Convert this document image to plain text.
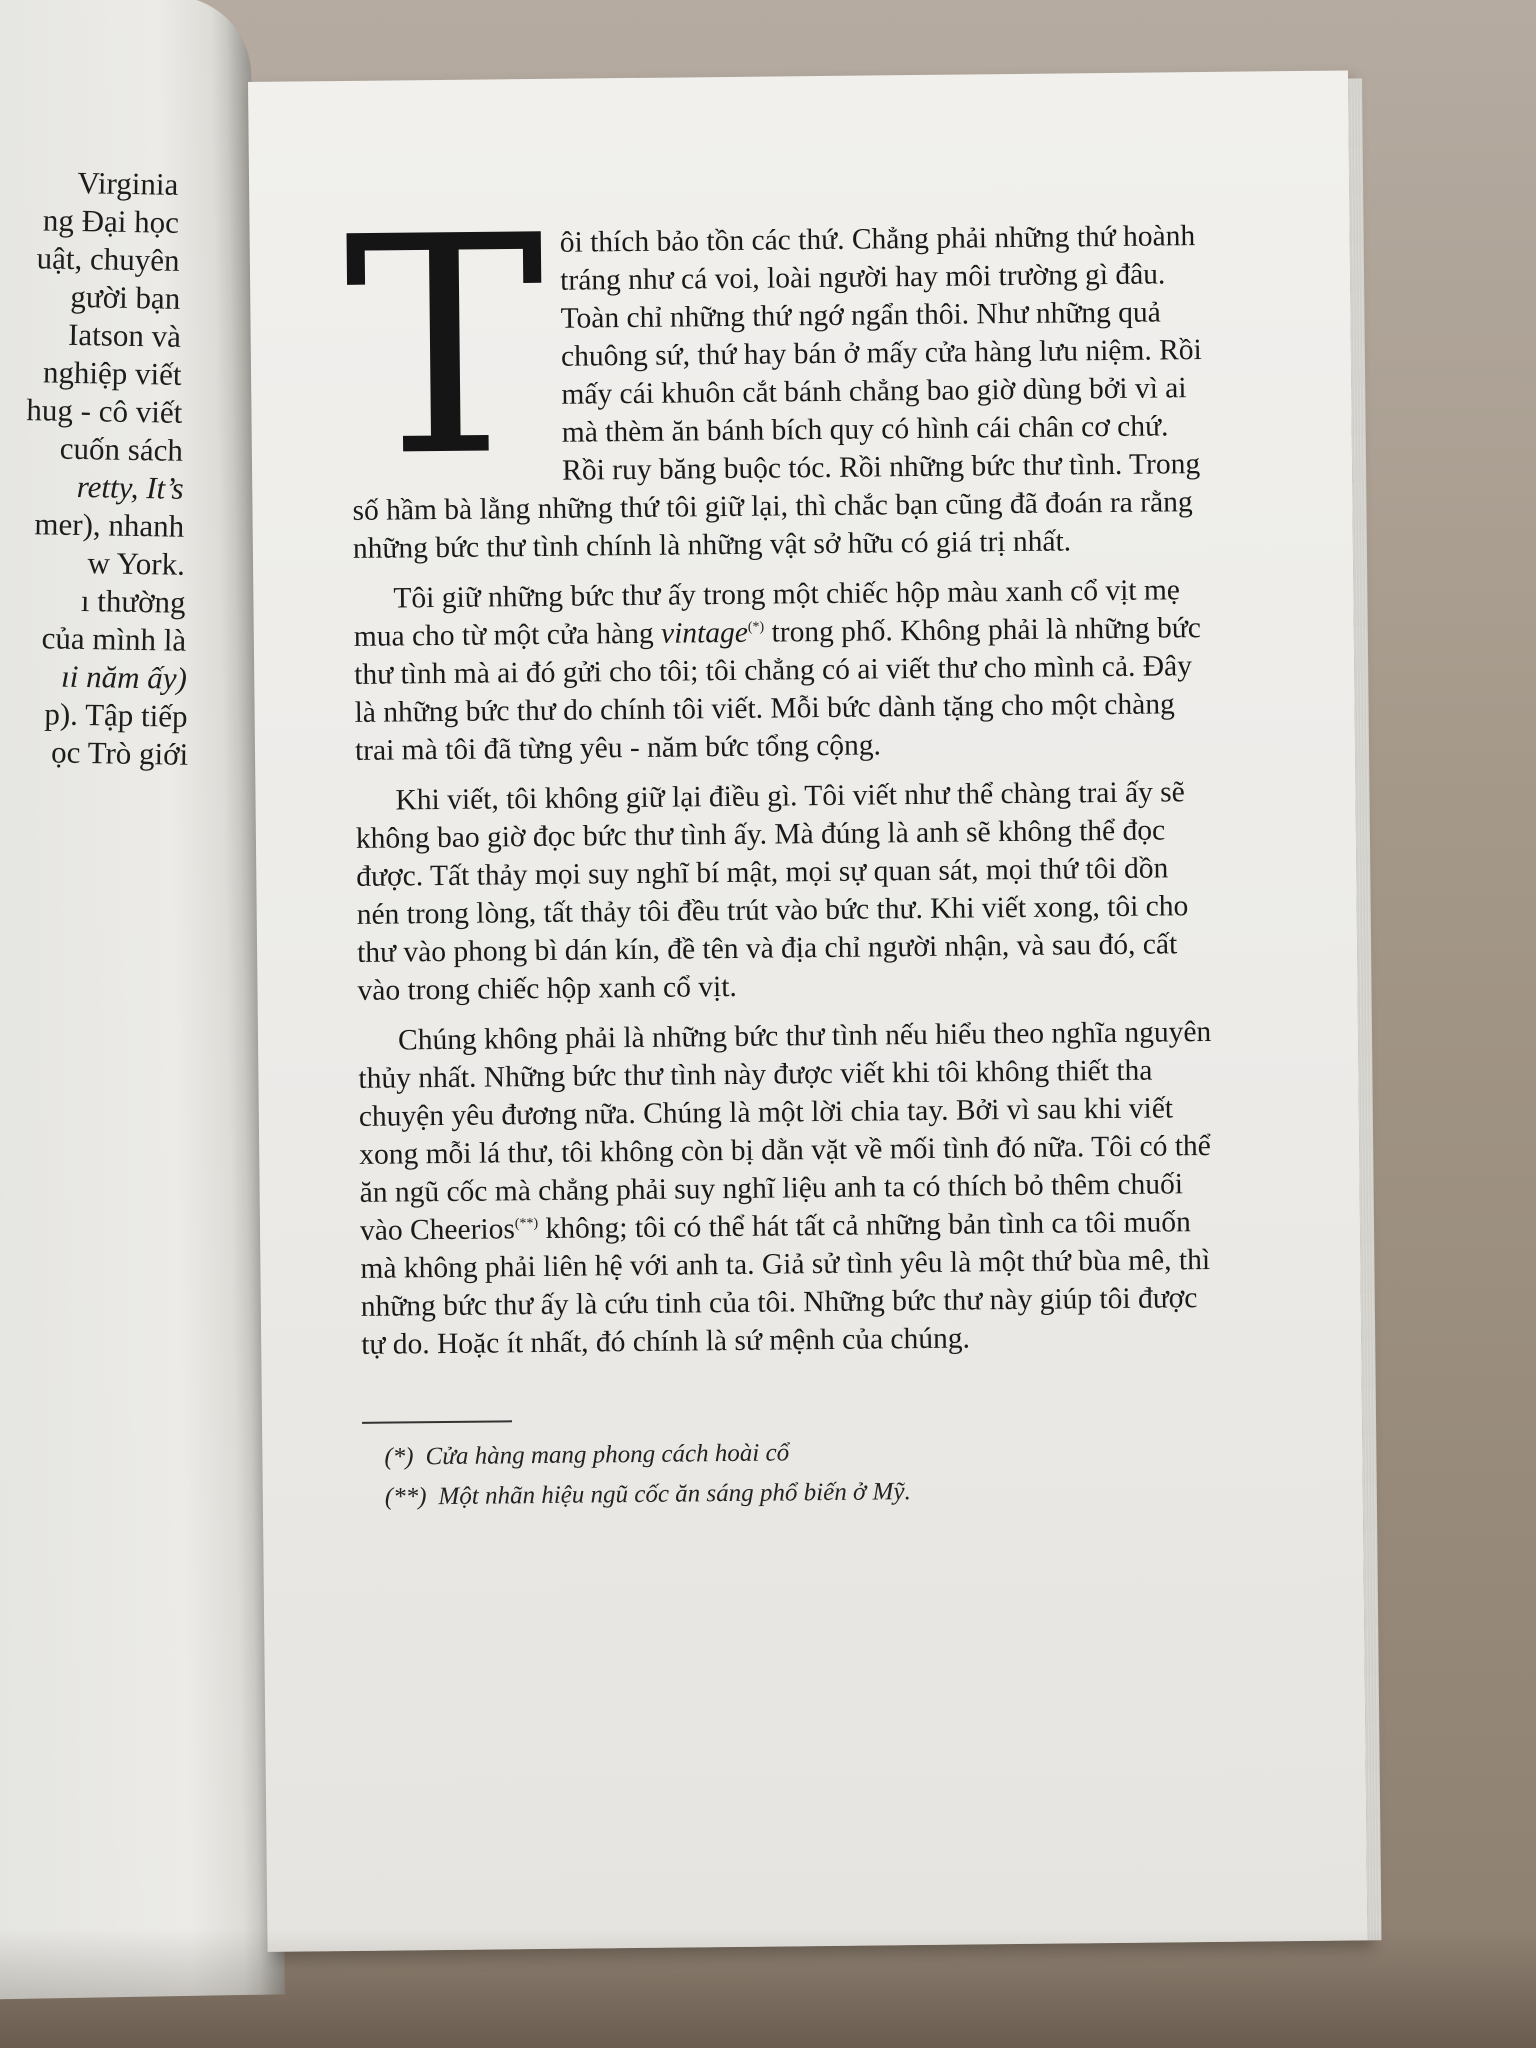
Virginia
ng Đại học
uật, chuyên
gười bạn
Iatson và
nghiệp viết
hug - cô viết
cuốn sách
retty, It’s
mer), nhanh
w York.
ı thường
của mình là
ıi năm ấy)
p). Tập tiếp
ọc Trò giới

Tôi thích bảo tồn các thứ. Chẳng phải những thứ hoành tráng như cá voi, loài người hay môi trường gì đâu. Toàn chỉ những thứ ngớ ngẩn thôi. Như những quả chuông sứ, thứ hay bán ở mấy cửa hàng lưu niệm. Rồi mấy cái khuôn cắt bánh chẳng bao giờ dùng bởi vì ai mà thèm ăn bánh bích quy có hình cái chân cơ chứ. Rồi ruy băng buộc tóc. Rồi những bức thư tình. Trong số hầm bà lằng những thứ tôi giữ lại, thì chắc bạn cũng đã đoán ra rằng những bức thư tình chính là những vật sở hữu có giá trị nhất.

Tôi giữ những bức thư ấy trong một chiếc hộp màu xanh cổ vịt mẹ mua cho từ một cửa hàng vintage(*) trong phố. Không phải là những bức thư tình mà ai đó gửi cho tôi; tôi chẳng có ai viết thư cho mình cả. Đây là những bức thư do chính tôi viết. Mỗi bức dành tặng cho một chàng trai mà tôi đã từng yêu - năm bức tổng cộng.

Khi viết, tôi không giữ lại điều gì. Tôi viết như thể chàng trai ấy sẽ không bao giờ đọc bức thư tình ấy. Mà đúng là anh sẽ không thể đọc được. Tất thảy mọi suy nghĩ bí mật, mọi sự quan sát, mọi thứ tôi dồn nén trong lòng, tất thảy tôi đều trút vào bức thư. Khi viết xong, tôi cho thư vào phong bì dán kín, đề tên và địa chỉ người nhận, và sau đó, cất vào trong chiếc hộp xanh cổ vịt.

Chúng không phải là những bức thư tình nếu hiểu theo nghĩa nguyên thủy nhất. Những bức thư tình này được viết khi tôi không thiết tha chuyện yêu đương nữa. Chúng là một lời chia tay. Bởi vì sau khi viết xong mỗi lá thư, tôi không còn bị dằn vặt về mối tình đó nữa. Tôi có thể ăn ngũ cốc mà chẳng phải suy nghĩ liệu anh ta có thích bỏ thêm chuối vào Cheerios(**) không; tôi có thể hát tất cả những bản tình ca tôi muốn mà không phải liên hệ với anh ta. Giả sử tình yêu là một thứ bùa mê, thì những bức thư ấy là cứu tinh của tôi. Những bức thư này giúp tôi được tự do. Hoặc ít nhất, đó chính là sứ mệnh của chúng.

(*) Cửa hàng mang phong cách hoài cổ
(**) Một nhãn hiệu ngũ cốc ăn sáng phổ biến ở Mỹ.
